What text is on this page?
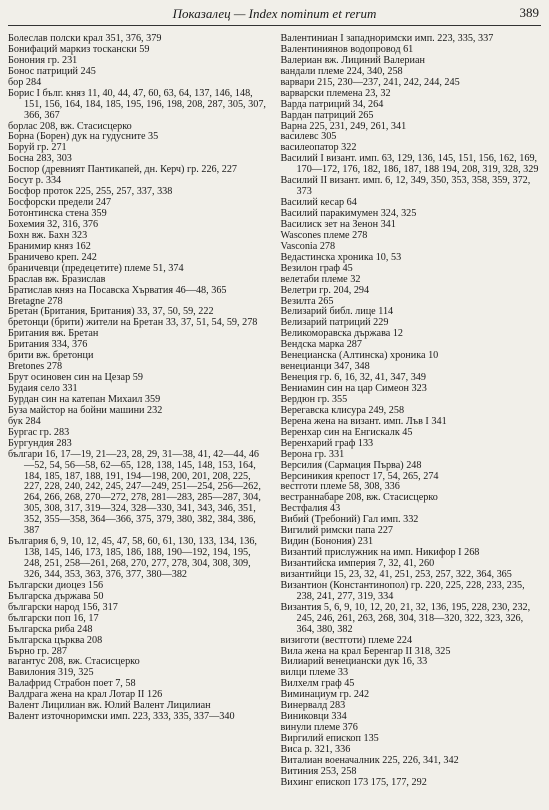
Показалец — Index nominum et rerum	389
Болеслав полски крал 351, 376, 379
Бонифаций маркиз тоскански 59
Бонония гр. 231
Бонос патриций 245
бор 284
Борис I бълг. княз 11, 40, 44, 47, 60, 63, 64, 137, 146, 148, 151, 156, 164, 184, 185, 195, 196, 198, 208, 287, 305, 307, 366, 367
борлас 208, вж. Стасисцерко
Борна (Борен) дук на гудусните 35
Боруй гр. 271
Босна 283, 303
Боспор (древният Пантикапей, дн. Керч) гр. 226, 227
Босут р. 334
Босфор проток 225, 255, 257, 337, 338
Босфорски предели 247
Ботонтинска стена 359
Бохемия 32, 316, 376
Бохн вж. Бахн 323
Бранимир княз 162
Браничево креп. 242
браничевци (предецетите) племе 51, 374
Браслав вж. Бразислав
Братислав княз на Посавска Хърватия 46—48, 365
Bretagne 278
Бретан (Британия, Британия) 33, 37, 50, 59, 222
бретонци (брити) жители на Бретан 33, 37, 51, 54, 59, 278
Британия вж. Бретан
Британия 334, 376
брити вж. бретонци
Bretones 278
Брут осиновен син на Цезар 59
Будаия село 331
Бурдан син на катепан Михаил 359
Буза майстор на бойни машини 232
бук 284
Бургас гр. 283
Бургундия 283
българи 16, 17—19, 21—23, 28, 29, 31—38, 41, 42—44, 46—52, 54, 56—58, 62—65, 128, 138, 145, 148, 153, 164, 184, 185, 187, 188, 191, 194—198, 200, 201, 208, 225, 227, 228, 240, 242, 245, 247—249, 251—254, 256—262, 264, 266, 268, 270—272, 278, 281—283, 285—287, 304, 305, 308, 317, 319—324, 328—330, 341, 343, 346, 351, 352, 355—358, 364—366, 375, 379, 380, 382, 384, 386, 387
България 6, 9, 10, 12, 45, 47, 58, 60, 61, 130, 133, 134, 136, 138, 145, 146, 173, 185, 186, 188, 190—192, 194, 195, 248, 251, 258—261, 268, 270, 277, 278, 304, 308, 309, 326, 344, 353, 363, 376, 377, 380—382
Български диоцез 156
Българска държава 50
български народ 156, 317
български поп 16, 17
Българска риба 248
Българска църква 208
Бърно гр. 287
вагантус 208, вж. Стасисцерко
Вавилония 319, 325
Валафрид Страбон поет 7, 58
Валдрага жена на крал Лотар II 126
Валент Лицилиан вж. Юлий Валент Лицилиан
Валент източноримски имп. 223, 333, 335, 337—340
Валентиниан I западноримски имп. 223, 335, 337
Валентиниянов водопровод 61
Валериан вж. Лициний Валериан
вандали племе 224, 340, 258
варвари 215, 230—237, 241, 242, 244, 245
варварски племена 23, 32
Варда патриций 34, 264
Вардан патриций 265
Варна 225, 231, 249, 261, 341
василевс 305
василеопатор 322
Василий I визант. имп. 63, 129, 136, 145, 151, 156, 162, 169, 170—172, 176, 182, 186, 187, 188 194, 208, 319, 328, 329
Василий II визант. имп. 6, 12, 349, 350, 353, 358, 359, 372, 373
Василий кесар 64
Василий паракимумен 324, 325
Василиск зет на Зенон 341
Wascones племе 278
Vasconia 278
Ведастинска хроника 10, 53
Везилон граф 45
велетаби племе 32
Велетри гр. 204, 294
Везилта 265
Велизарий библ. лице 114
Велизарий патриций 229
Великоморавска държава 12
Вендска марка 287
Венецианска (Алтинска) хроника 10
венецианци 347, 348
Венеция гр. 6, 16, 32, 41, 347, 349
Вениамин син на цар Симеон 323
Вердюн гр. 355
Верегавска клисура 249, 258
Верена жена на визант. имп. Лъв I 341
Веренхар син на Енгискалк 45
Веренхарий граф 133
Верона гр. 331
Версилия (Сармация Първа) 248
Версиникия крепост 17, 54, 265, 274
вестготи племе 58, 308, 336
вестраннабаре 208, вж. Стасисцерко
Вестфалия 43
Вибий (Требоний) Гал имп. 332
Вигилий римски папа 227
Видин (Бонония) 231
Византий прислужник на имп. Никифор I 268
Византийска империя 7, 32, 41, 260
византийци 15, 23, 32, 41, 251, 253, 257, 322, 364, 365
Византион (Константинопол) гр. 220, 225, 228, 233, 235, 238, 241, 277, 319, 334
Византия 5, 6, 9, 10, 12, 20, 21, 32, 136, 195, 228, 230, 232, 245, 246, 261, 263, 268, 304, 318—320, 322, 323, 326, 364, 380, 382
визиготи (вестготи) племе 224
Вила жена на крал Беренгар II 318, 325
Вилиарий венециански дук 16, 33
вилци племе 33
Вилхелм граф 45
Виминациум гр. 242
Винервалд 283
Виниковци 334
винули племе 376
Виргилий епископ 135
Виса р. 321, 336
Виталиан военачалник 225, 226, 341, 342
Витиния 253, 258
Вихинг епископ 173 175, 177, 292
